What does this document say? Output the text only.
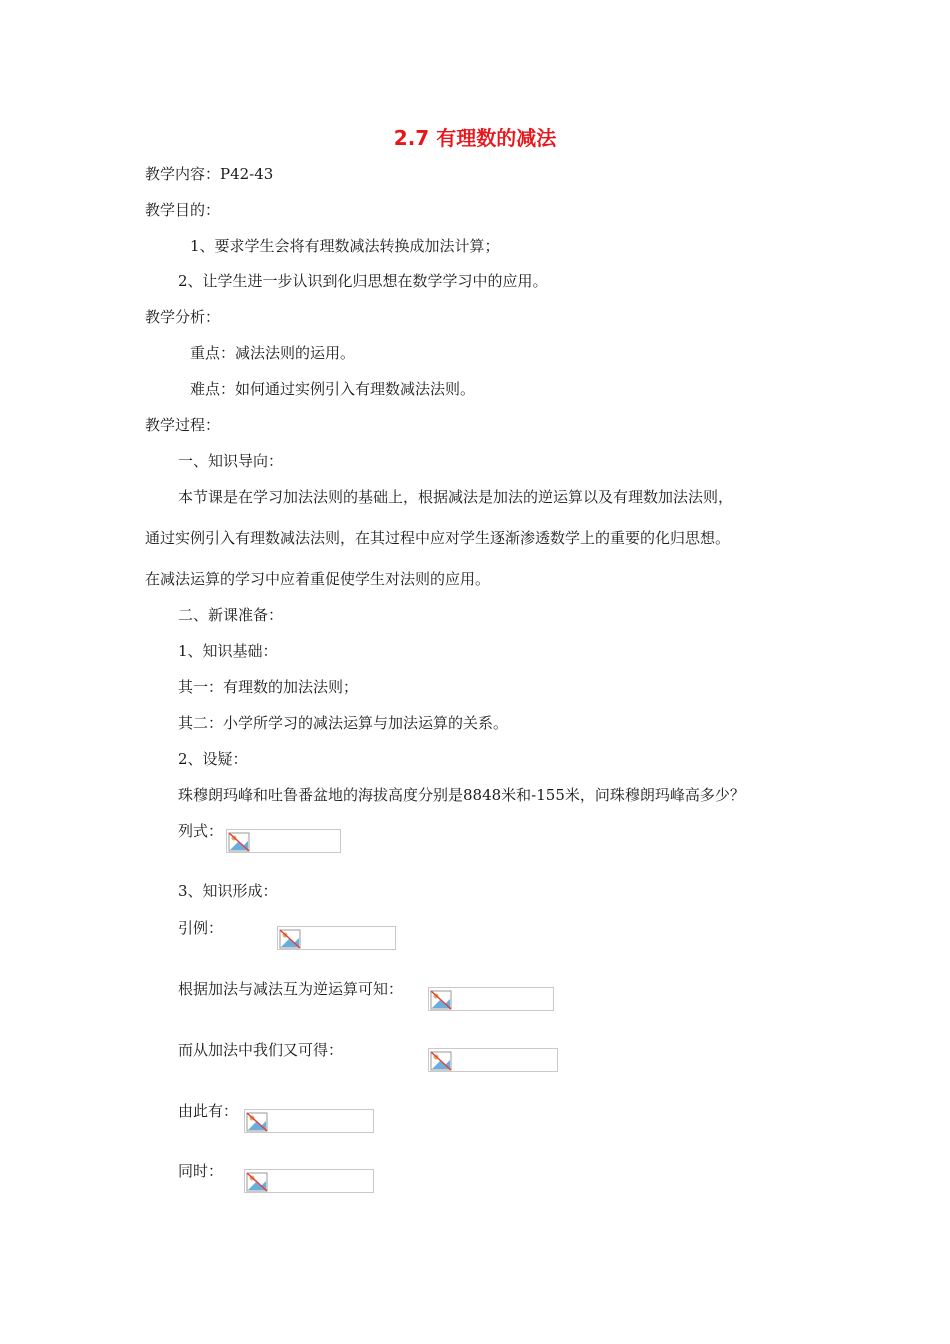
2.7 有理数的减法
教学内容：P42-43
教学目的：
1、要求学生会将有理数减法转换成加法计算；
2、让学生进一步认识到化归思想在数学学习中的应用。
教学分析：
重点：减法法则的运用。
难点：如何通过实例引入有理数减法法则。
教学过程：
一、知识导向：
本节课是在学习加法法则的基础上，根据减法是加法的逆运算以及有理数加法法则，
通过实例引入有理数减法法则，在其过程中应对学生逐渐渗透数学上的重要的化归思想。
在减法运算的学习中应着重促使学生对法则的应用。
二、新课准备：
1、知识基础：
其一：有理数的加法法则；
其二：小学所学习的减法运算与加法运算的关系。
2、设疑：
珠穆朗玛峰和吐鲁番盆地的海拔高度分别是8848米和-155米，问珠穆朗玛峰高多少？
列式：
3、知识形成：
引例：
根据加法与减法互为逆运算可知：
而从加法中我们又可得：
由此有：
同时：
